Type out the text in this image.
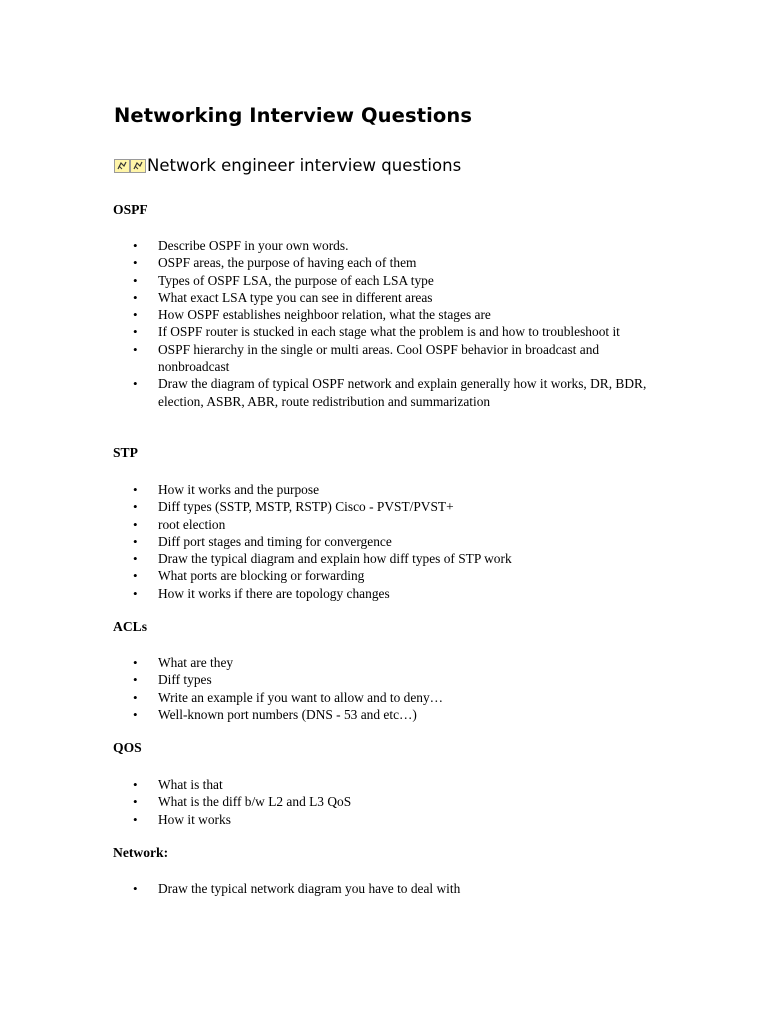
Networking Interview Questions
Network engineer interview questions
OSPF
• Describe OSPF in your own words.
• OSPF areas, the purpose of having each of them
• Types of OSPF LSA, the purpose of each LSA type
• What exact LSA type you can see in different areas
• How OSPF establishes neighboor relation, what the stages are
• If OSPF router is stucked in each stage what the problem is and how to troubleshoot it
• OSPF hierarchy in the single or multi areas. Cool OSPF behavior in broadcast and nonbroadcast
• Draw the diagram of typical OSPF network and explain generally how it works, DR, BDR, election, ASBR, ABR, route redistribution and summarization
STP
• How it works and the purpose
• Diff types (SSTP, MSTP, RSTP) Cisco - PVST/PVST+
• root election
• Diff port stages and timing for convergence
• Draw the typical diagram and explain how diff types of STP work
• What ports are blocking or forwarding
• How it works if there are topology changes
ACLs
• What are they
• Diff types
• Write an example if you want to allow and to deny…
• Well-known port numbers (DNS - 53 and etc…)
QOS
• What is that
• What is the diff b/w L2 and L3 QoS
• How it works
Network:
• Draw the typical network diagram you have to deal with
